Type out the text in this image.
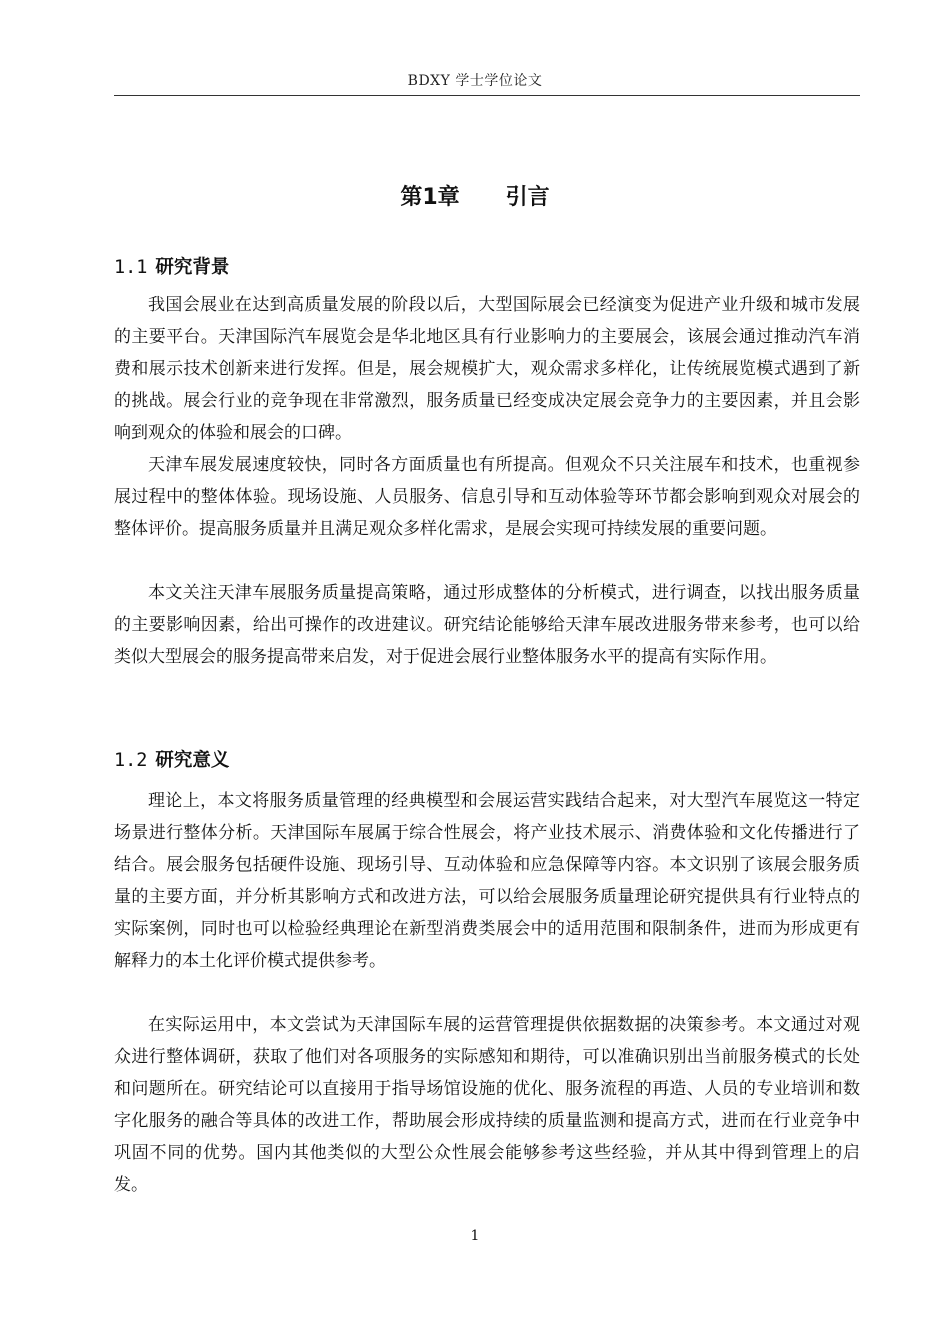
BDXY 学士学位论文
第1章      引言
1.1 研究背景

我国会展业在达到高质量发展的阶段以后，大型国际展会已经演变为促进产业升级和城市发展的主要平台。天津国际汽车展览会是华北地区具有行业影响力的主要展会，该展会通过推动汽车消费和展示技术创新来进行发挥。但是，展会规模扩大，观众需求多样化，让传统展览模式遇到了新的挑战。展会行业的竞争现在非常激烈，服务质量已经变成决定展会竞争力的主要因素，并且会影响到观众的体验和展会的口碑。

天津车展发展速度较快，同时各方面质量也有所提高。但观众不只关注展车和技术，也重视参展过程中的整体体验。现场设施、人员服务、信息引导和互动体验等环节都会影响到观众对展会的整体评价。提高服务质量并且满足观众多样化需求，是展会实现可持续发展的重要问题。

本文关注天津车展服务质量提高策略，通过形成整体的分析模式，进行调查，以找出服务质量的主要影响因素，给出可操作的改进建议。研究结论能够给天津车展改进服务带来参考，也可以给类似大型展会的服务提高带来启发，对于促进会展行业整体服务水平的提高有实际作用。

1.2 研究意义

理论上，本文将服务质量管理的经典模型和会展运营实践结合起来，对大型汽车展览这一特定场景进行整体分析。天津国际车展属于综合性展会，将产业技术展示、消费体验和文化传播进行了结合。展会服务包括硬件设施、现场引导、互动体验和应急保障等内容。本文识别了该展会服务质量的主要方面，并分析其影响方式和改进方法，可以给会展服务质量理论研究提供具有行业特点的实际案例，同时也可以检验经典理论在新型消费类展会中的适用范围和限制条件，进而为形成更有解释力的本土化评价模式提供参考。

在实际运用中，本文尝试为天津国际车展的运营管理提供依据数据的决策参考。本文通过对观众进行整体调研，获取了他们对各项服务的实际感知和期待，可以准确识别出当前服务模式的长处和问题所在。研究结论可以直接用于指导场馆设施的优化、服务流程的再造、人员的专业培训和数字化服务的融合等具体的改进工作，帮助展会形成持续的质量监测和提高方式，进而在行业竞争中巩固不同的优势。国内其他类似的大型公众性展会能够参考这些经验，并从其中得到管理上的启发。

1
